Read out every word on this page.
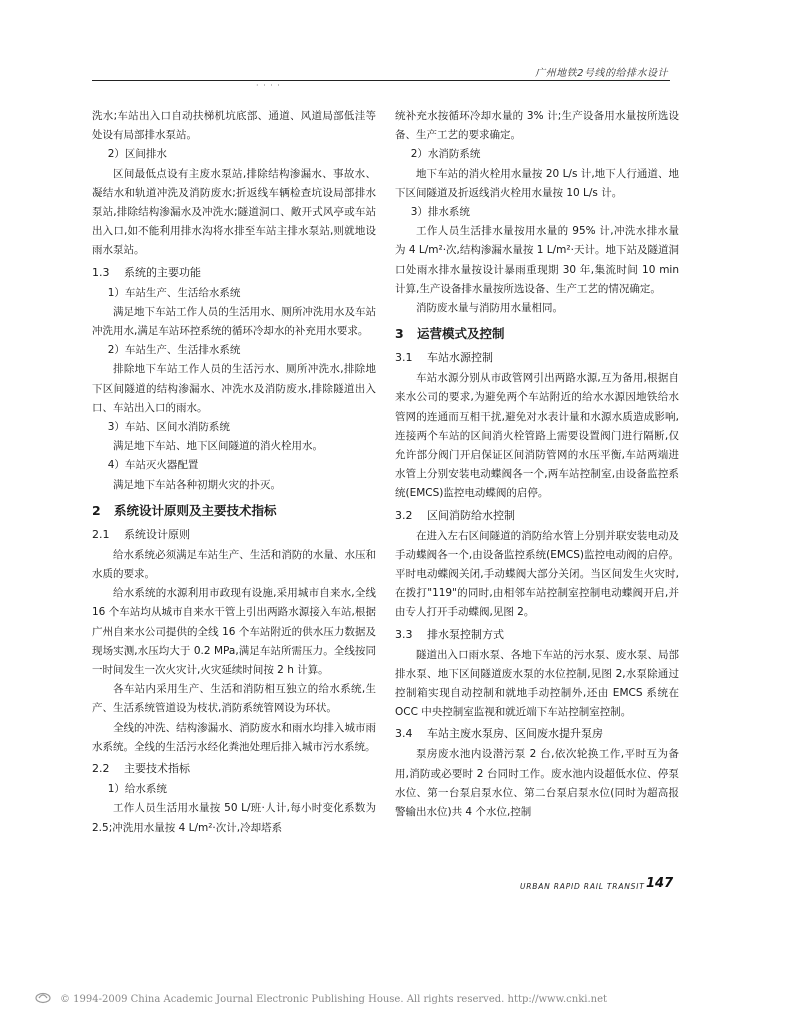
广州地铁2号线的给排水设计
· · · ·

洗水;车站出入口自动扶梯机坑底部、通道、风道局部低洼等处设有局部排水泵站。

2）区间排水

区间最低点设有主废水泵站,排除结构渗漏水、事故水、凝结水和轨道冲洗及消防废水;折返线车辆检查坑设局部排水泵站,排除结构渗漏水及冲洗水;隧道洞口、敞开式风亭或车站出入口,如不能利用排水沟将水排至车站主排水泵站,则就地设雨水泵站。

1.3 系统的主要功能

1）车站生产、生活给水系统

满足地下车站工作人员的生活用水、厕所冲洗用水及车站冲洗用水,满足车站环控系统的循环冷却水的补充用水要求。

2）车站生产、生活排水系统

排除地下车站工作人员的生活污水、厕所冲洗水,排除地下区间隧道的结构渗漏水、冲洗水及消防废水,排除隧道出入口、车站出入口的雨水。

3）车站、区间水消防系统

满足地下车站、地下区间隧道的消火栓用水。

4）车站灭火器配置

满足地下车站各种初期火灾的扑灭。

2 系统设计原则及主要技术指标
2.1 系统设计原则

给水系统必须满足车站生产、生活和消防的水量、水压和水质的要求。

给水系统的水源利用市政现有设施,采用城市自来水,全线 16 个车站均从城市自来水干管上引出两路水源接入车站,根据广州自来水公司提供的全线 16 个车站附近的供水压力数据及现场实测,水压均大于 0.2 MPa,满足车站所需压力。全线按同一时间发生一次火灾计,火灾延续时间按 2 h 计算。

各车站内采用生产、生活和消防相互独立的给水系统,生产、生活系统管道设为枝状,消防系统管网设为环状。

全线的冲洗、结构渗漏水、消防废水和雨水均排入城市雨水系统。全线的生活污水经化粪池处理后排入城市污水系统。

2.2 主要技术指标

1）给水系统

工作人员生活用水量按 50 L/班·人计,每小时变化系数为 2.5;冲洗用水量按 4 L/m²·次计,冷却塔系

统补充水按循环冷却水量的 3% 计;生产设备用水量按所选设备、生产工艺的要求确定。

2）水消防系统

地下车站的消火栓用水量按 20 L/s 计,地下人行通道、地下区间隧道及折返线消火栓用水量按 10 L/s 计。

3）排水系统

工作人员生活排水量按用水量的 95% 计,冲洗水排水量为 4 L/m²·次,结构渗漏水量按 1 L/m²·天计。地下站及隧道洞口处雨水排水量按设计暴雨重现期 30 年,集流时间 10 min 计算,生产设备排水量按所选设备、生产工艺的情况确定。

消防废水量与消防用水量相同。

3 运营模式及控制
3.1 车站水源控制

车站水源分别从市政管网引出两路水源,互为备用,根据自来水公司的要求,为避免两个车站附近的给水水源因地铁给水管网的连通而互相干扰,避免对水表计量和水源水质造成影响,连接两个车站的区间消火栓管路上需要设置阀门进行隔断,仅允许部分阀门开启保证区间消防管网的水压平衡,车站两端进水管上分别安装电动蝶阀各一个,两车站控制室,由设备监控系统(EMCS)监控电动蝶阀的启停。

3.2 区间消防给水控制

在进入左右区间隧道的消防给水管上分别并联安装电动及手动蝶阀各一个,由设备监控系统(EMCS)监控电动阀的启停。平时电动蝶阀关闭,手动蝶阀大部分关闭。当区间发生火灾时,在拨打"119"的同时,由相邻车站控制室控制电动蝶阀开启,并由专人打开手动蝶阀,见图 2。

3.3 排水泵控制方式

隧道出入口雨水泵、各地下车站的污水泵、废水泵、局部排水泵、地下区间隧道废水泵的水位控制,见图 2,水泵除通过控制箱实现自动控制和就地手动控制外,还由 EMCS 系统在 OCC 中央控制室监视和就近端下车站控制室控制。

3.4 车站主废水泵房、区间废水提升泵房

泵房废水池内设潜污泵 2 台,依次轮换工作,平时互为备用,消防或必要时 2 台同时工作。废水池内设超低水位、停泵水位、第一台泵启泵水位、第二台泵启泵水位(同时为超高报警输出水位)共 4 个水位,控制

URBAN RAPID RAIL TRANSIT 147
© 1994-2009 China Academic Journal Electronic Publishing House. All rights reserved. http://www.cnki.net
